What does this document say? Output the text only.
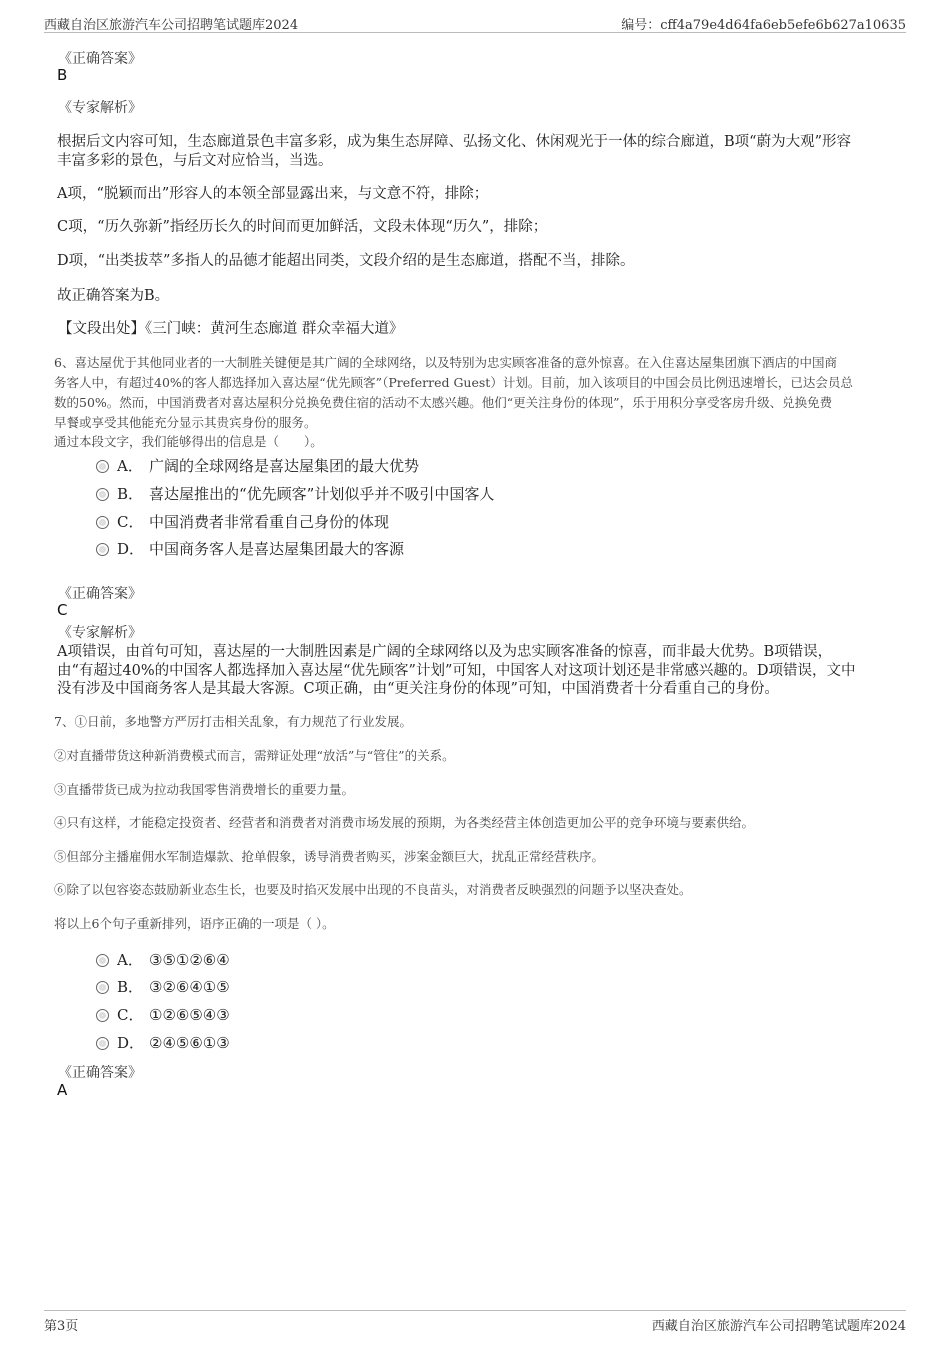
西藏自治区旅游汽车公司招聘笔试题库2024	编号：cff4a79e4d64fa6eb5efe6b627a10635
《正确答案》
B
《专家解析》
根据后文内容可知，生态廊道景色丰富多彩，成为集生态屏障、弘扬文化、休闲观光于一体的综合廊道，B项“蔚为大观”形容
丰富多彩的景色，与后文对应恰当，当选。
A项，“脱颖而出”形容人的本领全部显露出来，与文意不符，排除；
C项，“历久弥新”指经历长久的时间而更加鲜活，文段未体现“历久”，排除；
D项，“出类拔萃”多指人的品德才能超出同类，文段介绍的是生态廊道，搭配不当，排除。
故正确答案为B。
【文段出处】《三门峡：黄河生态廊道 群众幸福大道》
6、喜达屋优于其他同业者的一大制胜关键便是其广阔的全球网络，以及特别为忠实顾客准备的意外惊喜。在入住喜达屋集团旗下酒店的中国商
务客人中，有超过40%的客人都选择加入喜达屋“优先顾客”（Preferred Guest）计划。目前，加入该项目的中国会员比例迅速增长，已达会员总
数的50%。然而，中国消费者对喜达屋积分兑换免费住宿的活动不太感兴趣。他们“更关注身份的体现”，乐于用积分享受客房升级、兑换免费
早餐或享受其他能充分显示其贵宾身份的服务。
通过本段文字，我们能够得出的信息是（　　）。
A． 广阔的全球网络是喜达屋集团的最大优势
B． 喜达屋推出的“优先顾客”计划似乎并不吸引中国客人
C． 中国消费者非常看重自己身份的体现
D． 中国商务客人是喜达屋集团最大的客源
《正确答案》
C
《专家解析》
A项错误，由首句可知，喜达屋的一大制胜因素是广阔的全球网络以及为忠实顾客准备的惊喜，而非最大优势。B项错误，
由“有超过40%的中国客人都选择加入喜达屋“优先顾客”计划”可知，中国客人对这项计划还是非常感兴趣的。D项错误，文中
没有涉及中国商务客人是其最大客源。C项正确，由“更关注身份的体现”可知，中国消费者十分看重自己的身份。
7、①日前，多地警方严厉打击相关乱象，有力规范了行业发展。
②对直播带货这种新消费模式而言，需辩证处理“放活”与“管住”的关系。
③直播带货已成为拉动我国零售消费增长的重要力量。
④只有这样，才能稳定投资者、经营者和消费者对消费市场发展的预期，为各类经营主体创造更加公平的竞争环境与要素供给。
⑤但部分主播雇佣水军制造爆款、抢单假象，诱导消费者购买，涉案金额巨大，扰乱正常经营秩序。
⑥除了以包容姿态鼓励新业态生长，也要及时掐灭发展中出现的不良苗头，对消费者反映强烈的问题予以坚决查处。
将以上6个句子重新排列，语序正确的一项是（ ）。
A． ③⑤①②⑥④
B． ③②⑥④①⑤
C． ①②⑥⑤④③
D． ②④⑤⑥①③
《正确答案》
A
第3页	西藏自治区旅游汽车公司招聘笔试题库2024
